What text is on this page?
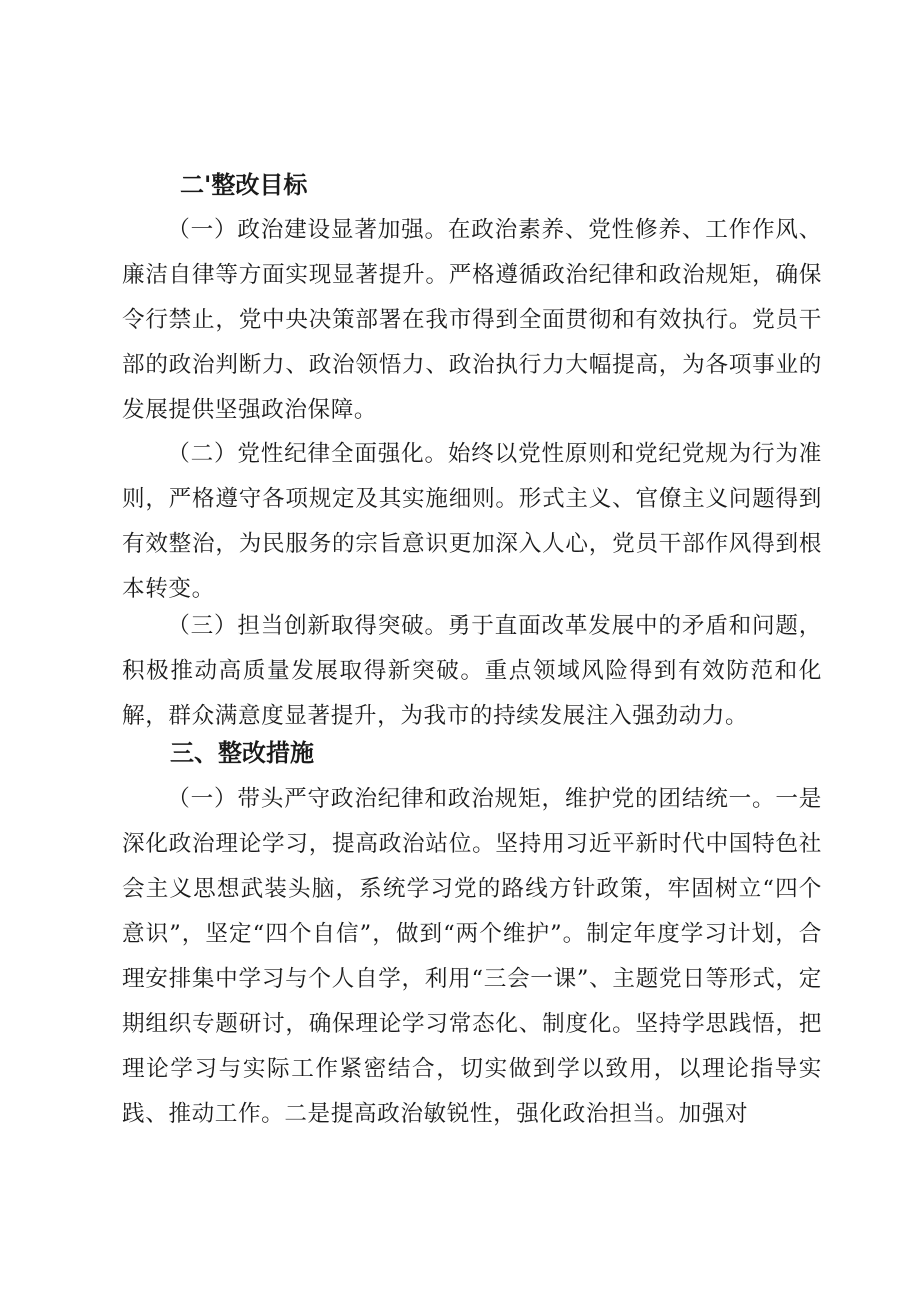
二'整改目标

（一）政治建设显著加强。在政治素养、党性修养、工作作风、廉洁自律等方面实现显著提升。严格遵循政治纪律和政治规矩，确保令行禁止，党中央决策部署在我市得到全面贯彻和有效执行。党员干部的政治判断力、政治领悟力、政治执行力大幅提高，为各项事业的发展提供坚强政治保障。

（二）党性纪律全面强化。始终以党性原则和党纪党规为行为准则，严格遵守各项规定及其实施细则。形式主义、官僚主义问题得到有效整治，为民服务的宗旨意识更加深入人心，党员干部作风得到根本转变。

（三）担当创新取得突破。勇于直面改革发展中的矛盾和问题，积极推动高质量发展取得新突破。重点领域风险得到有效防范和化解，群众满意度显著提升，为我市的持续发展注入强劲动力。

三、整改措施

（一）带头严守政治纪律和政治规矩，维护党的团结统一。一是深化政治理论学习，提高政治站位。坚持用习近平新时代中国特色社会主义思想武装头脑，系统学习党的路线方针政策，牢固树立“四个意识”，坚定“四个自信”，做到“两个维护”。制定年度学习计划，合理安排集中学习与个人自学，利用“三会一课”、主题党日等形式，定期组织专题研讨，确保理论学习常态化、制度化。坚持学思践悟，把理论学习与实际工作紧密结合，切实做到学以致用，以理论指导实践、推动工作。二是提高政治敏锐性，强化政治担当。加强对
